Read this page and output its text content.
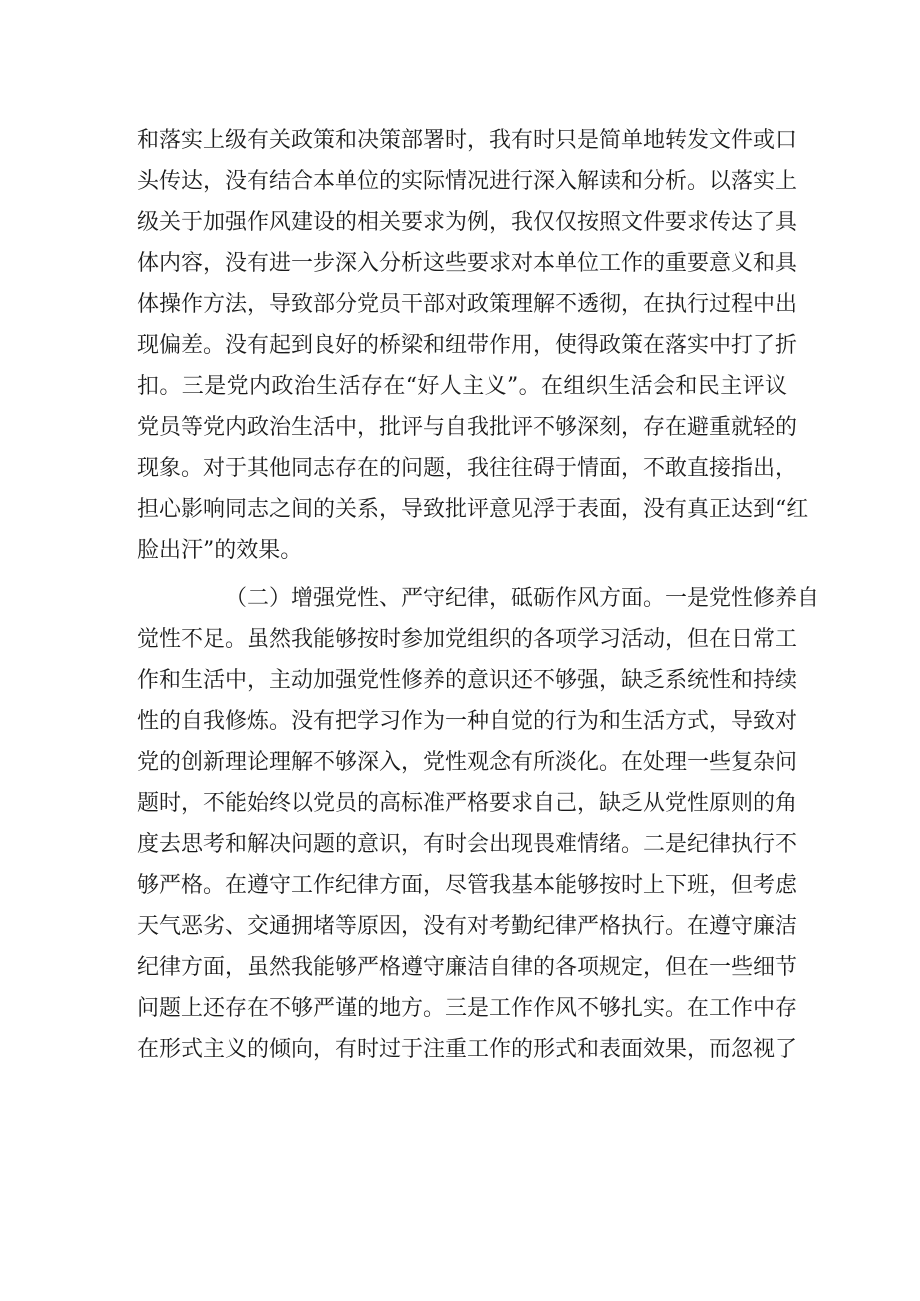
和落实上级有关政策和决策部署时，我有时只是简单地转发文件或口
头传达，没有结合本单位的实际情况进行深入解读和分析。以落实上
级关于加强作风建设的相关要求为例，我仅仅按照文件要求传达了具
体内容，没有进一步深入分析这些要求对本单位工作的重要意义和具
体操作方法，导致部分党员干部对政策理解不透彻，在执行过程中出
现偏差。没有起到良好的桥梁和纽带作用，使得政策在落实中打了折
扣。三是党内政治生活存在“好人主义”。在组织生活会和民主评议
党员等党内政治生活中，批评与自我批评不够深刻，存在避重就轻的
现象。对于其他同志存在的问题，我往往碍于情面，不敢直接指出，
担心影响同志之间的关系，导致批评意见浮于表面，没有真正达到“红
脸出汗”的效果。
（二）增强党性、严守纪律，砥砺作风方面。一是党性修养自
觉性不足。虽然我能够按时参加党组织的各项学习活动，但在日常工
作和生活中，主动加强党性修养的意识还不够强，缺乏系统性和持续
性的自我修炼。没有把学习作为一种自觉的行为和生活方式，导致对
党的创新理论理解不够深入，党性观念有所淡化。在处理一些复杂问
题时，不能始终以党员的高标准严格要求自己，缺乏从党性原则的角
度去思考和解决问题的意识，有时会出现畏难情绪。二是纪律执行不
够严格。在遵守工作纪律方面，尽管我基本能够按时上下班，但考虑
天气恶劣、交通拥堵等原因，没有对考勤纪律严格执行。在遵守廉洁
纪律方面，虽然我能够严格遵守廉洁自律的各项规定，但在一些细节
问题上还存在不够严谨的地方。三是工作作风不够扎实。在工作中存
在形式主义的倾向，有时过于注重工作的形式和表面效果，而忽视了
